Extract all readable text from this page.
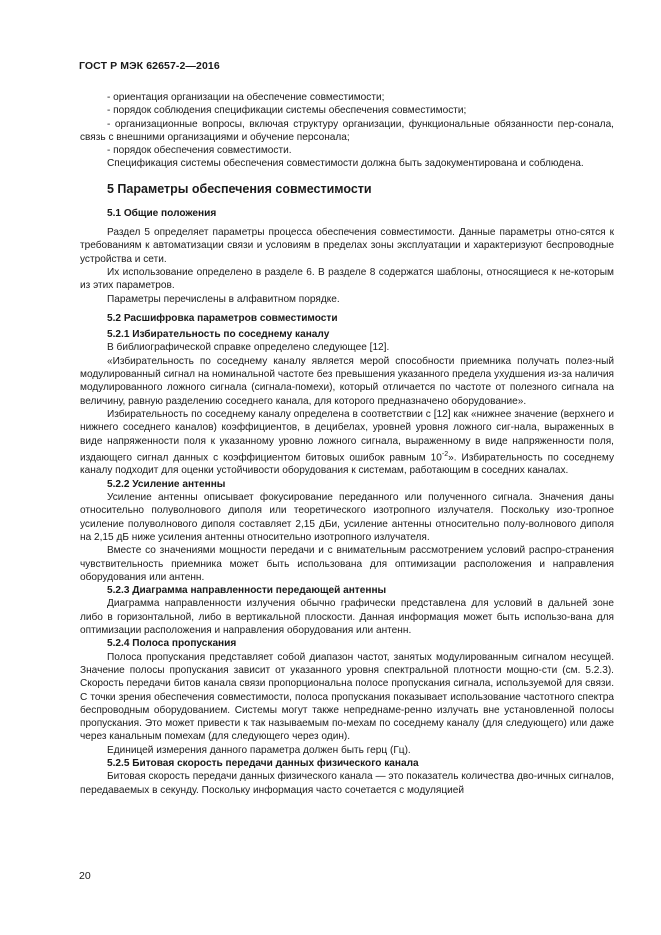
ГОСТ Р МЭК 62657-2—2016

- ориентация организации на обеспечение совместимости;

- порядок соблюдения спецификации системы обеспечения совместимости;

- организационные вопросы, включая структуру организации, функциональные обязанности пер-сонала, связь с внешними организациями и обучение персонала;

- порядок обеспечения совместимости.

Спецификация системы обеспечения совместимости должна быть задокументирована и соблюдена.

5 Параметры обеспечения совместимости

5.1 Общие положения

Раздел 5 определяет параметры процесса обеспечения совместимости. Данные параметры отно-сятся к требованиям к автоматизации связи и условиям в пределах зоны эксплуатации и характеризуют беспроводные устройства и сети.

Их использование определено в разделе 6. В разделе 8 содержатся шаблоны, относящиеся к не-которым из этих параметров.

Параметры перечислены в алфавитном порядке.

5.2 Расшифровка параметров совместимости

5.2.1 Избирательность по соседнему каналу

В библиографической справке определено следующее [12].

«Избирательность по соседнему каналу является мерой способности приемника получать полез-ный модулированный сигнал на номинальной частоте без превышения указанного предела ухудшения из-за наличия модулированного ложного сигнала (сигнала-помехи), который отличается по частоте от полезного сигнала на величину, равную разделению соседнего канала, для которого предназначено оборудование».

Избирательность по соседнему каналу определена в соответствии с [12] как «нижнее значение (верхнего и нижнего соседнего каналов) коэффициентов, в децибелах, уровней уровня ложного сиг-нала, выраженных в виде напряженности поля к указанному уровню ложного сигнала, выраженному в виде напряженности поля, издающего сигнал данных с коэффициентом битовых ошибок равным $10^{-2}$». Избирательность по соседнему каналу подходит для оценки устойчивости оборудования к системам, работающим в соседних каналах.

5.2.2 Усиление антенны

Усиление антенны описывает фокусирование переданного или полученного сигнала. Значения даны относительно полуволнового диполя или теоретического изотропного излучателя. Поскольку изо-тропное усиление полуволнового диполя составляет 2,15 дБи, усиление антенны относительно полу-волнового диполя на 2,15 дБ ниже усиления антенны относительно изотропного излучателя.

Вместе со значениями мощности передачи и с внимательным рассмотрением условий распро-странения чувствительность приемника может быть использована для оптимизации расположения и направления оборудования или антенн.

5.2.3 Диаграмма направленности передающей антенны

Диаграмма направленности излучения обычно графически представлена для условий в дальней зоне либо в горизонтальной, либо в вертикальной плоскости. Данная информация может быть использо-вана для оптимизации расположения и направления оборудования или антенн.

5.2.4 Полоса пропускания

Полоса пропускания представляет собой диапазон частот, занятых модулированным сигналом несущей. Значение полосы пропускания зависит от указанного уровня спектральной плотности мощно-сти (см. 5.2.3). Скорость передачи битов канала связи пропорциональна полосе пропускания сигнала, используемой для связи. С точки зрения обеспечения совместимости, полоса пропускания показывает использование частотного спектра беспроводным оборудованием. Системы могут также непреднаме-ренно излучать вне установленной полосы пропускания. Это может привести к так называемым по-мехам по соседнему каналу (для следующего) или даже через канальным помехам (для следующего через один).

Единицей измерения данного параметра должен быть герц (Гц).

5.2.5 Битовая скорость передачи данных физического канала

Битовая скорость передачи данных физического канала — это показатель количества дво-ичных сигналов, передаваемых в секунду. Поскольку информация часто сочетается с модуляцией

20
